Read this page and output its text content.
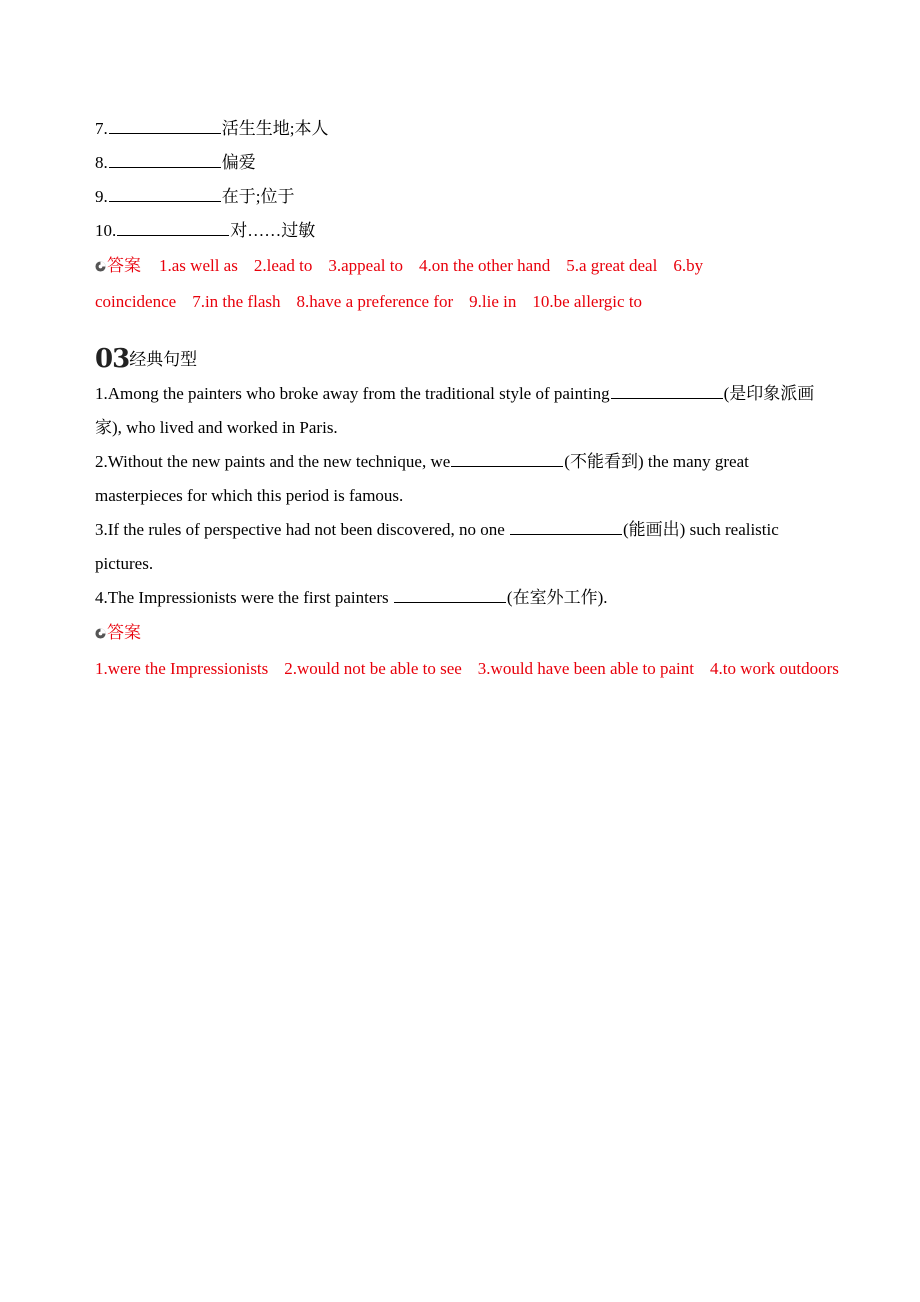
7.	活生生地;本人
8.	偏爱
9.	在于;位于
10.	对……过敏
答案 1.as well as 2.lead to 3.appeal to 4.on the other hand 5.a great deal 6.by coincidence 7.in the flash 8.have a preference for 9.lie in 10.be allergic to
03经典句型
1.Among the painters who broke away from the traditional style of painting	(是印象派画家), who lived and worked in Paris.
2.Without the new paints and the new technique, we	(不能看到) the many great masterpieces for which this period is famous.
3.If the rules of perspective had not been discovered, no one	(能画出) such realistic pictures.
4.The Impressionists were the first painters	(在室外工作).
答案1.were the Impressionists 2.would not be able to see 3.would have been able to paint 4.to work outdoors
